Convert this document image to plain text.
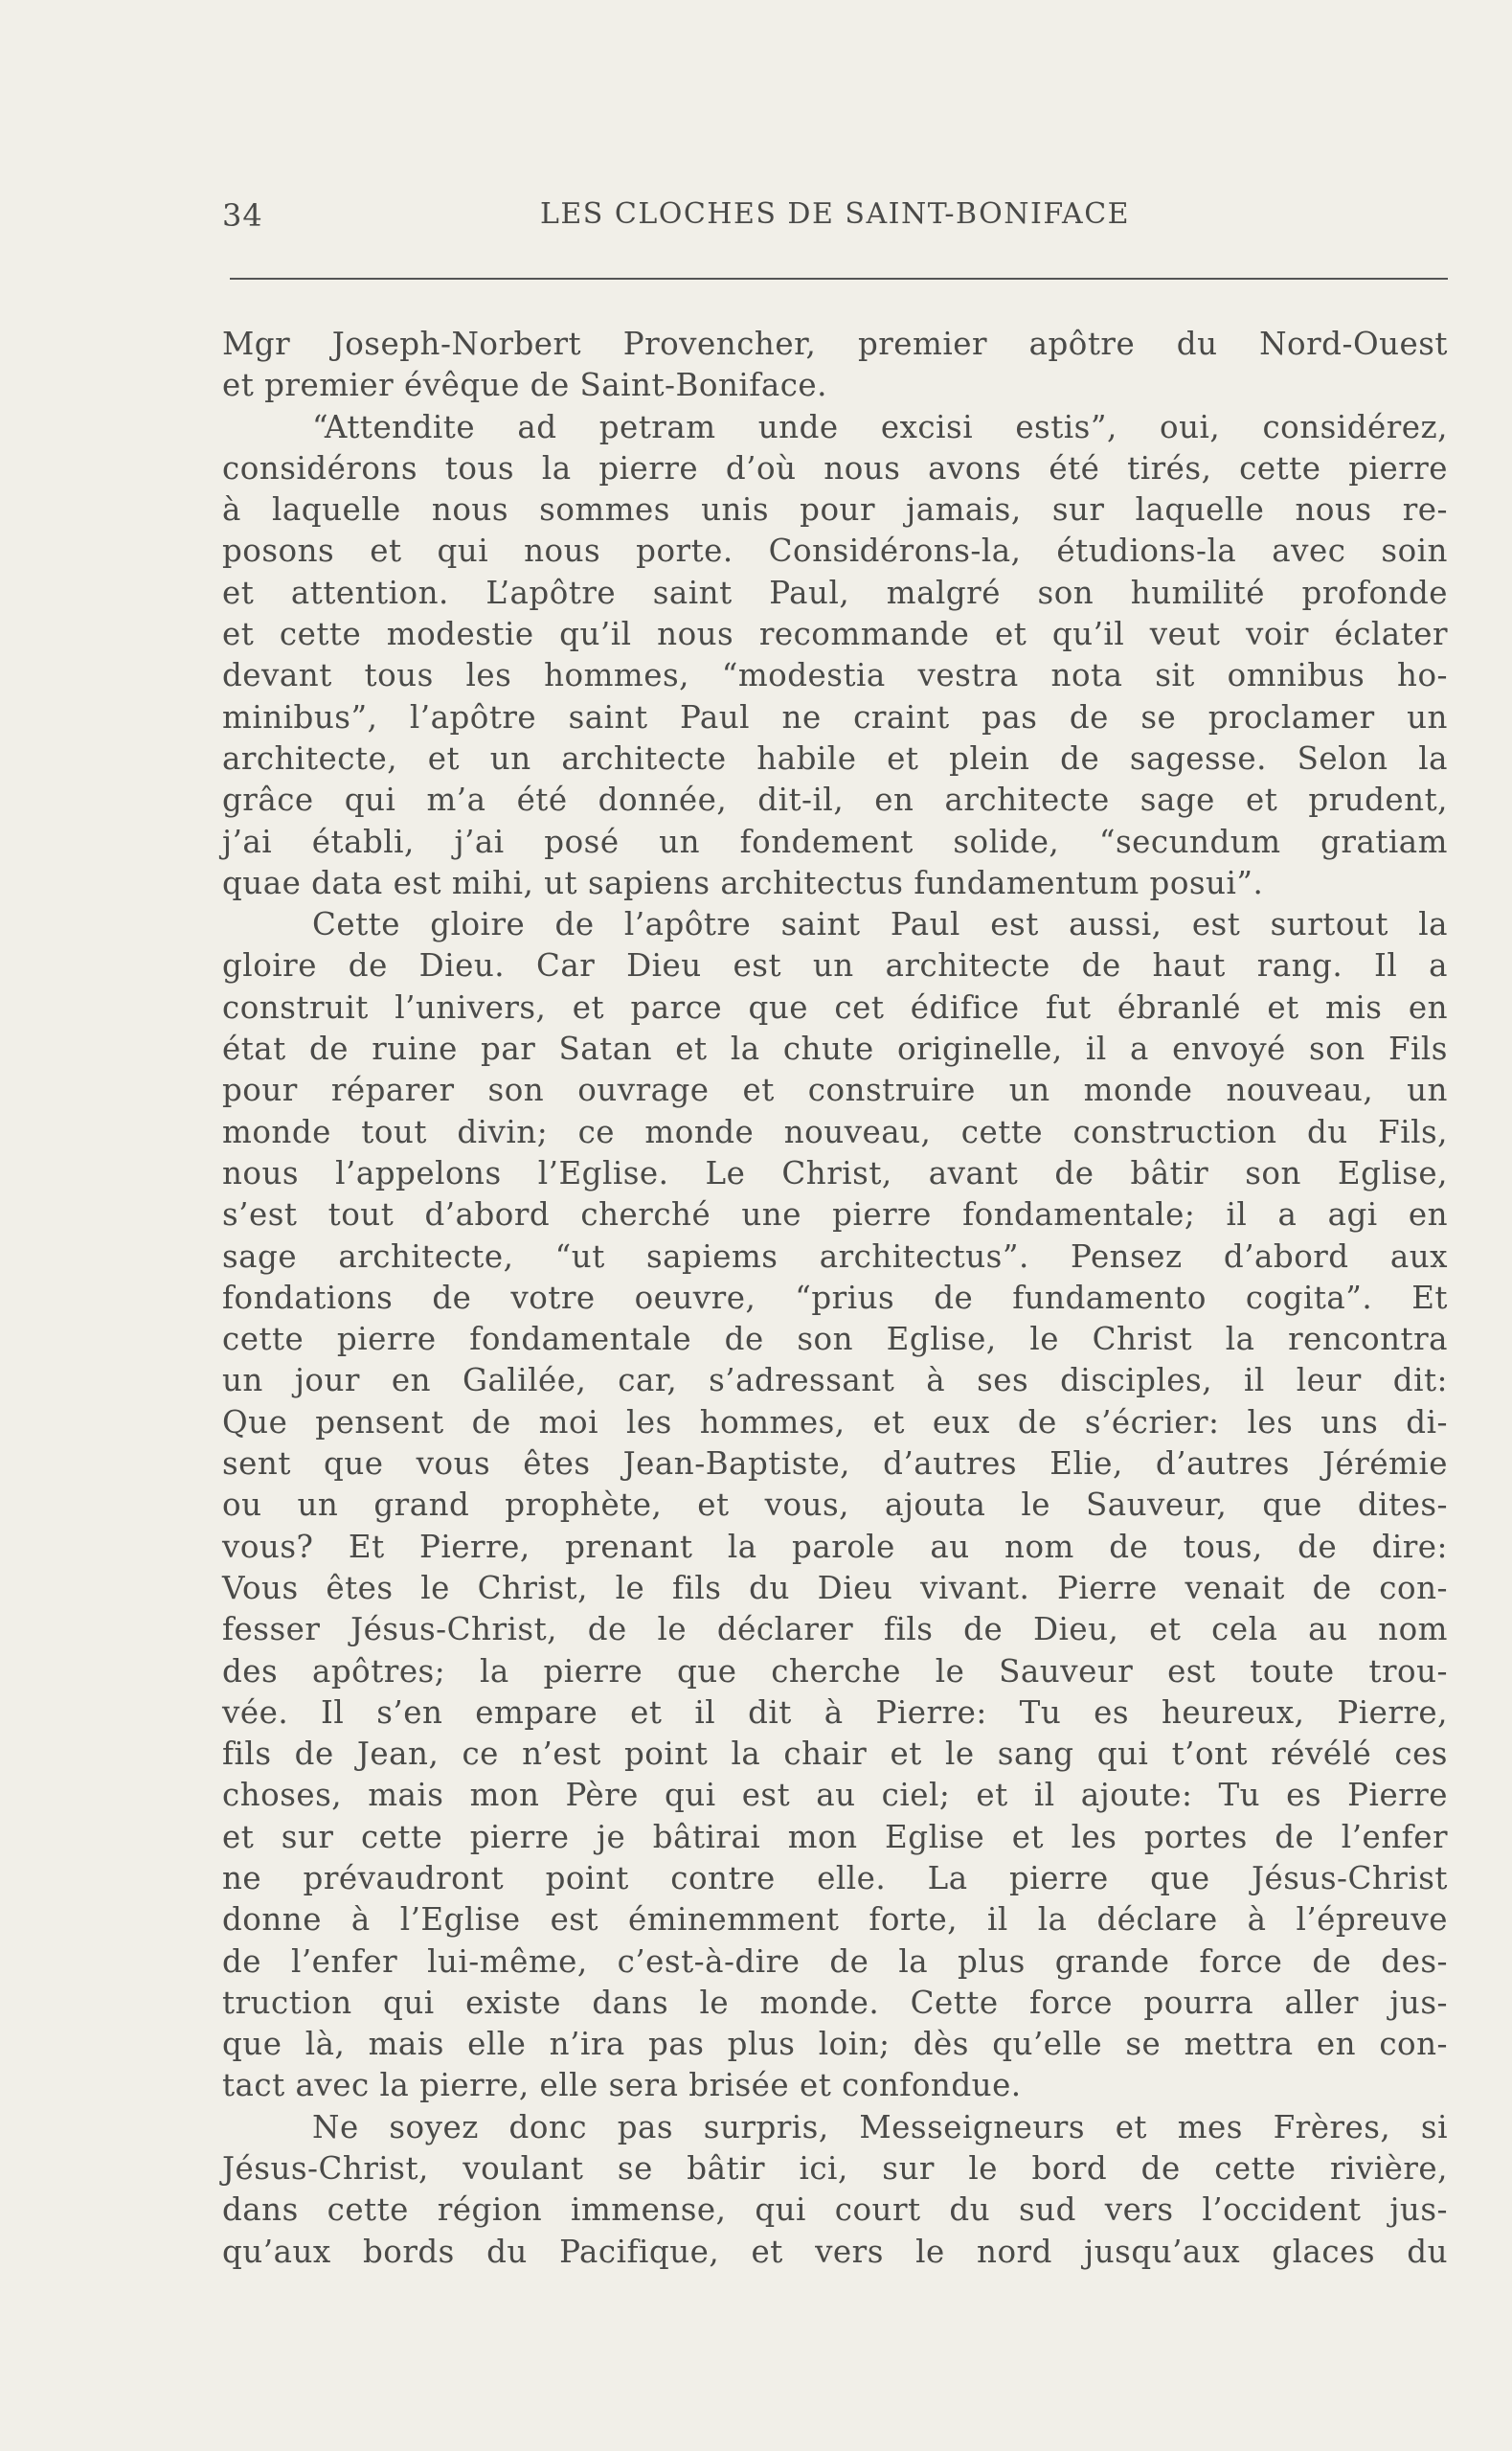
34	LES CLOCHES DE SAINT-BONIFACE
Mgr Joseph-Norbert Provencher, premier apôtre du Nord-Ouest
et premier évêque de Saint-Boniface.
“Attendite ad petram unde excisi estis”, oui, considérez,
considérons tous la pierre d’où nous avons été tirés, cette pierre
à laquelle nous sommes unis pour jamais, sur laquelle nous re-
posons et qui nous porte. Considérons-la, étudions-la avec soin
et attention. L’apôtre saint Paul, malgré son humilité profonde
et cette modestie qu’il nous recommande et qu’il veut voir éclater
devant tous les hommes, “modestia vestra nota sit omnibus ho-
minibus”, l’apôtre saint Paul ne craint pas de se proclamer un
architecte, et un architecte habile et plein de sagesse. Selon la
grâce qui m’a été donnée, dit-il, en architecte sage et prudent,
j’ai établi, j’ai posé un fondement solide, “secundum gratiam
quae data est mihi, ut sapiens architectus fundamentum posui”.
Cette gloire de l’apôtre saint Paul est aussi, est surtout la
gloire de Dieu. Car Dieu est un architecte de haut rang. Il a
construit l’univers, et parce que cet édifice fut ébranlé et mis en
état de ruine par Satan et la chute originelle, il a envoyé son Fils
pour réparer son ouvrage et construire un monde nouveau, un
monde tout divin; ce monde nouveau, cette construction du Fils,
nous l’appelons l’Eglise. Le Christ, avant de bâtir son Eglise,
s’est tout d’abord cherché une pierre fondamentale; il a agi en
sage architecte, “ut sapiems architectus”. Pensez d’abord aux
fondations de votre oeuvre, “prius de fundamento cogita”. Et
cette pierre fondamentale de son Eglise, le Christ la rencontra
un jour en Galilée, car, s’adressant à ses disciples, il leur dit:
Que pensent de moi les hommes, et eux de s’écrier: les uns di-
sent que vous êtes Jean-Baptiste, d’autres Elie, d’autres Jérémie
ou un grand prophète, et vous, ajouta le Sauveur, que dites-
vous? Et Pierre, prenant la parole au nom de tous, de dire:
Vous êtes le Christ, le fils du Dieu vivant. Pierre venait de con-
fesser Jésus-Christ, de le déclarer fils de Dieu, et cela au nom
des apôtres; la pierre que cherche le Sauveur est toute trou-
vée. Il s’en empare et il dit à Pierre: Tu es heureux, Pierre,
fils de Jean, ce n’est point la chair et le sang qui t’ont révélé ces
choses, mais mon Père qui est au ciel; et il ajoute: Tu es Pierre
et sur cette pierre je bâtirai mon Eglise et les portes de l’enfer
ne prévaudront point contre elle. La pierre que Jésus-Christ
donne à l’Eglise est éminemment forte, il la déclare à l’épreuve
de l’enfer lui-même, c’est-à-dire de la plus grande force de des-
truction qui existe dans le monde. Cette force pourra aller jus-
que là, mais elle n’ira pas plus loin; dès qu’elle se mettra en con-
tact avec la pierre, elle sera brisée et confondue.
Ne soyez donc pas surpris, Messeigneurs et mes Frères, si
Jésus-Christ, voulant se bâtir ici, sur le bord de cette rivière,
dans cette région immense, qui court du sud vers l’occident jus-
qu’aux bords du Pacifique, et vers le nord jusqu’aux glaces du
